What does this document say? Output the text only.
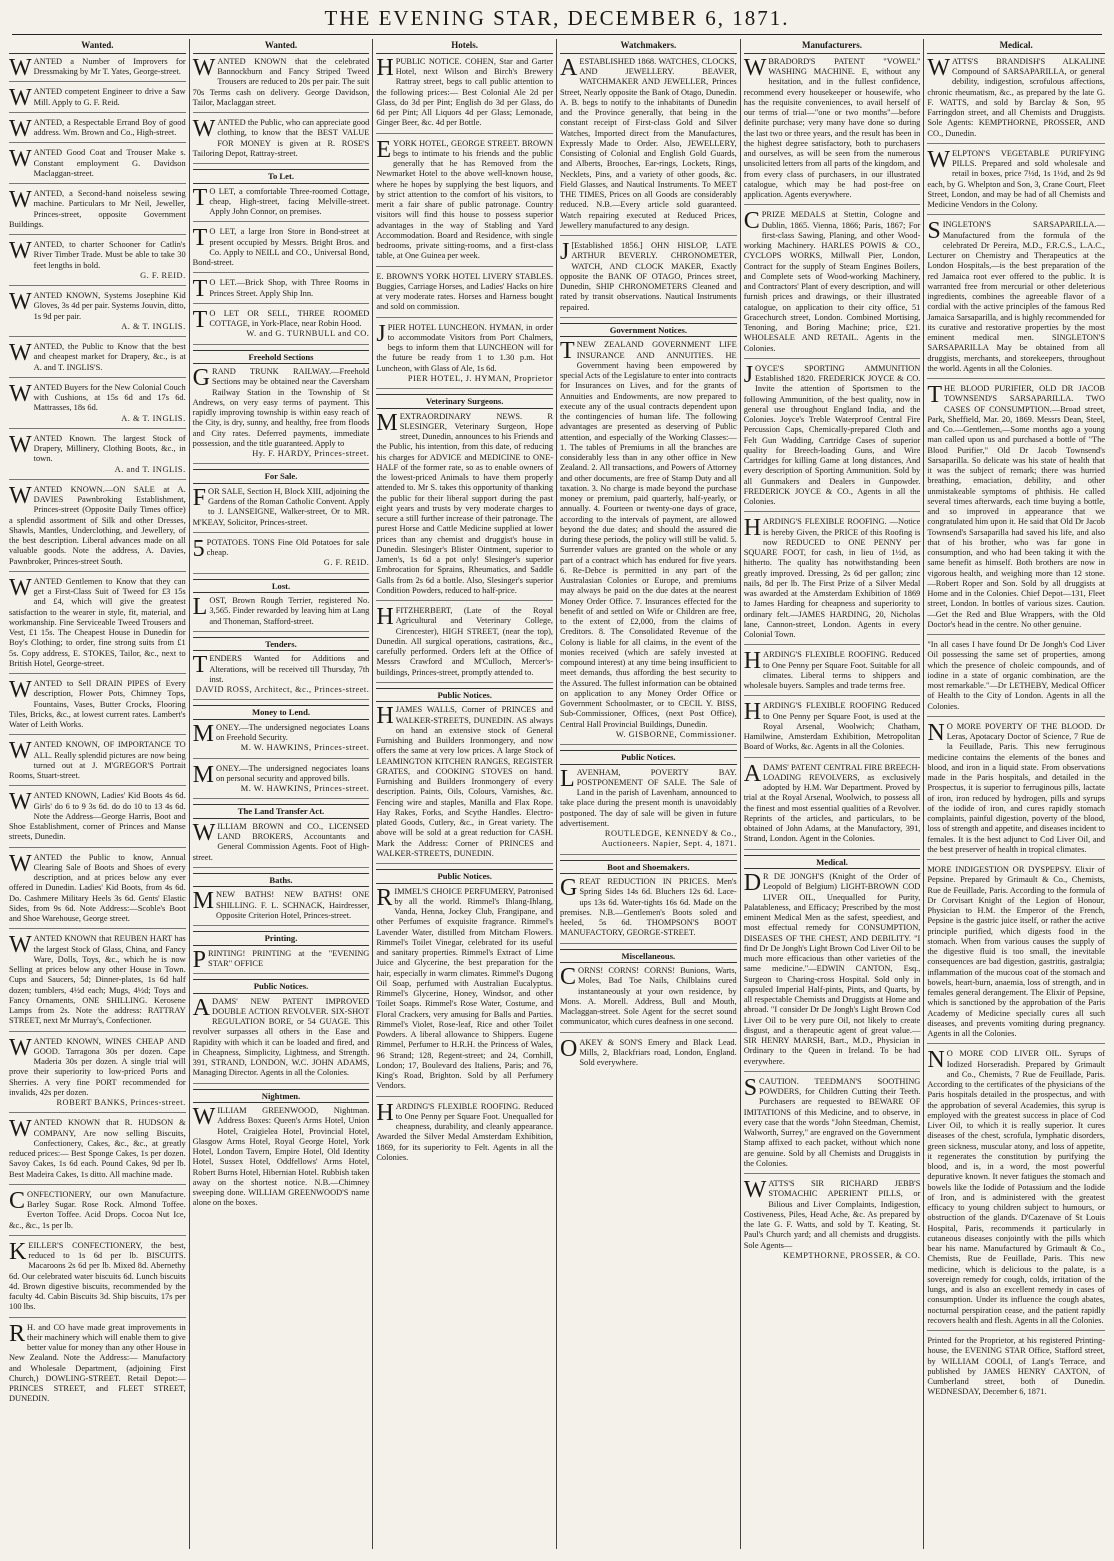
THE EVENING STAR, DECEMBER 6, 1871.
Wanted.
WANTED a Number of Improvers for Dressmaking by Mr T. Yates, George-street.
WANTED competent Engineer to drive a Saw Mill. Apply to G. F. Reid.
WANTED, a Respectable Errand Boy of good address. Wm. Brown and Co., High-street.
WANTED Good Coat and Trouser Make s. Constant employment G. Davidson Maclaggan-street.
WANTED, a Second-hand noiseless sewing machine. Particulars to Mr Neil, Jeweller, Princes-street, opposite Government Buildings.
WANTED, to charter Schooner for Catlin's River Timber Trade. Must be able to take 30 feet lengths in bold.
G. F. REID.
WANTED KNOWN, Systems Josephine Kid Gloves, 3s 4d per pair. Systems Jouvin, ditto, 1s 9d per pair.
A. & T. INGLIS.
WANTED, the Public to Know that the best and cheapest market for Drapery, &c., is at A. and T. INGLIS'S.
WANTED Buyers for the New Colonial Couch with Cushions, at 15s 6d and 17s 6d. Mattrasses, 18s 6d.
A. & T. INGLIS.
WANTED Known. The largest Stock of Drapery, Millinery, Clothing Boots, &c., in town.
A. and T. INGLIS.
WANTED KNOWN.—ON SALE at A. DAVIES Pawnbroking Establishment, Princes-street (Opposite Daily Times office) a splendid assortment of Silk and other Dresses, Shawls, Mantles, Underclothing, and Jewellery, of the best description. Liberal advances made on all valuable goods. Note the address, A. Davies, Pawnbroker, Princes-street South.
WANTED Gentlemen to Know that they can get a First-Class Suit of Tweed for £3 15s and £4, which will give the greatest satisfaction to the wearer in style, fit, material, and workmanship. Fine Serviceable Tweed Trousers and Vest, £1 15s. The Cheapest House in Dunedin for Boy's Clothing; to order, fine strong suits from £1 5s. Copy address, E. STOKES, Tailor, &c., next to British Hotel, George-street.
WANTED to Sell DRAIN PIPES of Every description, Flower Pots, Chimney Tops, Fountains, Vases, Butter Crocks, Flooring Tiles, Bricks, &c., at lowest current rates. Lambert's Water of Leith Works.
WANTED KNOWN, OF IMPORTANCE TO ALL. Really splendid pictures are now being turned out at J. M'GREGOR'S Portrait Rooms, Stuart-street.
WANTED KNOWN, Ladies' Kid Boots 4s 6d. Girls' do 6 to 9 3s 6d. do do 10 to 13 4s 6d. Note the Address—George Harris, Boot and Shoe Establishment, corner of Princes and Manse streets, Dunedin.
WANTED the Public to know, Annual Clearing Sale of Boots and Shoes of every description, and at prices below any ever offered in Dunedin. Ladies' Kid Boots, from 4s 6d. Do. Cashmere Military Heels 3s 6d. Gents' Elastic Sides, from 9s 6d. Note Address:—Scoble's Boot and Shoe Warehouse, George street.
WANTED KNOWN that REUBEN HART has the largest Stock of Glass, China, and Fancy Ware, Dolls, Toys, &c., which he is now Selling at prices below any other House in Town. Cups and Saucers, 5d; Dinner-plates, 1s 6d half dozen; tumblers, 4½d each; Mugs, 4½d; Toys and Fancy Ornaments, ONE SHILLING. Kerosene Lamps from 2s. Note the address: RATTRAY STREET, next Mr Murray's, Confectioner.
WANTED KNOWN, WINES CHEAP AND GOOD. Tarragona 30s per dozen. Cape Maderia 30s per dozen. A single trial will prove their superiority to low-priced Ports and Sherries. A very fine PORT recommended for invalids, 42s per dozen.
ROBERT BANKS, Princes-street.
WANTED KNOWN that R. HUDSON & COMPANY, Are now selling Biscuits, Confectionery, Cakes, &c., &c., at greatly reduced prices:— Best Sponge Cakes, 1s per dozen. Savoy Cakes, 1s 6d each. Pound Cakes, 9d per lb. Best Madeira Cakes, 1s ditto. All machine made.
CONFECTIONERY, our own Manufacture. Barley Sugar. Rose Rock. Almond Toffee. Everton Toffee. Acid Drops. Cocoa Nut Ice, &c., &c., 1s per lb.
KEILLER'S CONFECTIONERY, the best, reduced to 1s 6d per lb. BISCUITS. Macaroons 2s 6d per lb. Mixed 8d. Abernethy 6d. Our celebrated water biscuits 6d. Lunch biscuits 4d. Brown digestive biscuits, recommended by the faculty 4d. Cabin Biscuits 3d. Ship biscuits, 17s per 100 lbs.
R H. and CO have made great improvements in their machinery which will enable them to give better value for money than any other House in New Zealand. Note the Address:— Manufactory and Wholesale Department, (adjoining First Church,) DOWLING-STREET. Retail Depot:— PRINCES STREET, and FLEET STREET, DUNEDIN.
Wanted.
WANTED KNOWN that the celebrated Bannockburn and Fancy Striped Tweed Trousers are reduced to 20s per pair. The suit 70s Terms cash on delivery. George Davidson, Tailor, Maclaggan street.
WANTED the Public, who can appreciate good clothing, to know that the BEST VALUE FOR MONEY is given at R. ROSE'S Tailoring Depot, Rattray-street.
To Let.
T O LET, a comfortable Three-roomed Cottage, cheap, High-street, facing Melville-street. Apply John Connor, on premises.
T O LET, a large Iron Store in Bond-street at present occupied by Messrs. Bright Bros. and Co. Apply to NEILL and CO., Universal Bond, Bond-street.
T O LET.—Brick Shop, with Three Rooms in Princes Street. Apply Ship Inn.
T O LET OR SELL, THREE ROOMED COTTAGE, in York-Place, near Robin Hood.
W. and G. TURNBULL and CO.
Freehold Sections
GRAND TRUNK RAILWAY.—Freehold Sections may be obtained near the Caversham Railway Station in the Township of St Andrews, on very easy terms of payment. This rapidly improving township is within easy reach of the City, is dry, sunny, and healthy, free from floods and City rates. Deferred payments, immediate possession, and the title guaranteed. Apply to
Hy. F. HARDY, Princes-street.
For Sale.
FOR SALE, Section H, Block XIII, adjoining the Gardens of the Roman Catholic Convent. Apply to J. LANSEIGNE, Walker-street, Or to MR. M'KEAY, Solicitor, Princes-street.
5 POTATOES. TONS Fine Old Potatoes for sale cheap.
G. F. REID.
Lost.
LOST, Brown Rough Terrier, registered No. 3,565. Finder rewarded by leaving him at Lang and Thoneman, Stafford-street.
Tenders.
TENDERS Wanted for Additions and Alterations, will be received till Thursday, 7th inst.
DAVID ROSS, Architect, &c., Princes-street.
Money to Lend.
MONEY.—The undersigned negociates Loans on Freehold Security.
M. W. HAWKINS, Princes-street.
MONEY.—The undersigned negociates loans on personal security and approved bills.
M. W. HAWKINS, Princes-street.
The Land Transfer Act.
WILLIAM BROWN and CO., LICENSED LAND BROKERS, Accountants and General Commission Agents. Foot of High-street.
Baths.
MNEW BATHS! NEW BATHS! ONE SHILLING. F. L. SCHNACK, Hairdresser, Opposite Criterion Hotel, Princes-street.
Printing.
PRINTING! PRINTING at the "EVENING STAR" OFFICE
Public Notices.
ADAMS' NEW PATENT IMPROVED DOUBLE ACTION REVOLVER. SIX-SHOT REGULATION BORE, or 54 GUAGE. This revolver surpasses all others in the Ease and Rapidity with which it can be loaded and fired, and in Cheapness, Simplicity, Lightness, and Strength. 391, STRAND, LONDON, W.C. JOHN ADAMS, Managing Director. Agents in all the Colonies.
Nightmen.
WILLIAM GREENWOOD, Nightman. Address Boxes: Queen's Arms Hotel, Union Hotel, Craigielea Hotel, Provincial Hotel, Glasgow Arms Hotel, Royal George Hotel, York Hotel, London Tavern, Empire Hotel, Old Identity Hotel, Sussex Hotel, Oddfellows' Arms Hotel, Robert Burns Hotel, Hibernian Hotel. Rubbish taken away on the shortest notice. N.B.—Chimney sweeping done. WILLIAM GREENWOOD'S name alone on the boxes.
Hotels.
HPUBLIC NOTICE. COHEN, Star and Garter Hotel, next Wilson and Birch's Brewery Rattray street, begs to call public attention to the following prices:— Best Colonial Ale 2d per Glass, do 3d per Pint; English do 3d per Glass, do 6d per Pint; All Liquors 4d per Glass; Lemonade, Ginger Beer, &c. 4d per Bottle.
EYORK HOTEL, GEORGE STREET. BROWN begs to intimate to his friends and the public generally that he has Removed from the Newmarket Hotel to the above well-known house, where he hopes by supplying the best liquors, and by strict attention to the comfort of his visitors, to merit a fair share of public patronage. Country visitors will find this house to possess superior advantages in the way of Stabling and Yard Accommodation. Board and Residence, with single bedrooms, private sitting-rooms, and a first-class table, at One Guinea per week.
E. BROWN'S YORK HOTEL LIVERY STABLES. Buggies, Carriage Horses, and Ladies' Hacks on hire at very moderate rates. Horses and Harness bought and sold on commission.
JPIER HOTEL LUNCHEON. HYMAN, in order to accommodate Visitors from Port Chalmers, begs to inform them that LUNCHEON will for the future be ready from 1 to 1.30 p.m. Hot Luncheon, with Glass of Ale, 1s 6d.
PIER HOTEL, J. HYMAN, Proprietor
Veterinary Surgeons.
MEXTRAORDINARY NEWS. R SLESINGER, Veterinary Surgeon, Hope street, Dunedin, announces to his Friends and the Public, his intention, from this date, of reducing his charges for ADVICE and MEDICINE to ONE-HALF of the former rate, so as to enable owners of the lowest-priced Animals to have them properly attended to. Mr S. takes this opportunity of thanking the public for their liberal support during the past eight years and trusts by very moderate charges to secure a still further increase of their patronage. The purest Horse and Cattle Medicine supplied at lower prices than any chemist and druggist's house in Dunedin. Slesinger's Blister Ointment, superior to Jamen's, 1s 6d a pot only! Slesinger's superior Embrocation for Sprains, Rheumatics, and Saddle Galls from 2s 6d a bottle. Also, Slesinger's superior Condition Powders, reduced to half-price.
HFITZHERBERT, (Late of the Royal Agricultural and Veterinary College, Cirencester), HIGH STREET, (near the top), Dunedin. All surgical operations, castrations, &c., carefully performed. Orders left at the Office of Messrs Crawford and M'Culloch, Mercer's-buildings, Princes-street, promptly attended to.
Public Notices.
HJAMES WALLS, Corner of PRINCES and WALKER-STREETS, DUNEDIN. AS always on hand an extensive stock of General Furnishing and Builders Ironmongery, and now offers the same at very low prices. A large Stock of LEAMINGTON KITCHEN RANGES, REGISTER GRATES, and COOKING STOVES on hand. Furnishing and Builders Ironmongery of every description. Paints, Oils, Colours, Varnishes, &c. Fencing wire and staples, Manilla and Flax Rope. Hay Rakes, Forks, and Scythe Handles. Electro-plated Goods, Cutlery, &c., in Great variety. The above will be sold at a great reduction for CASH. Mark the Address: Corner of PRINCES and WALKER-STREETS, DUNEDIN.
Public Notices.
RIMMEL'S CHOICE PERFUMERY, Patronised by all the world. Rimmel's Ihlang-Ihlang, Vanda, Henna, Jockey Club, Frangipane, and other Perfumes of exquisite fragrance. Rimmel's Lavender Water, distilled from Mitcham Flowers. Rimmel's Toilet Vinegar, celebrated for its useful and sanitary properties. Rimmel's Extract of Lime Juice and Glycerine, the best preparation for the hair, especially in warm climates. Rimmel's Dugong Oil Soap, perfumed with Australian Eucalyptus. Rimmel's Glycerine, Honey, Windsor, and other Toilet Soaps. Rimmel's Rose Water, Costume, and Floral Crackers, very amusing for Balls and Parties. Rimmel's Violet, Rose-leaf, Rice and other Toilet Powders. A liberal allowance to Shippers. Eugene Rimmel, Perfumer to H.R.H. the Princess of Wales, 96 Strand; 128, Regent-street; and 24, Cornhill, London; 17, Boulevard des Italiens, Paris; and 76, King's Road, Brighton. Sold by all Perfumery Vendors.
HARDING'S FLEXIBLE ROOFING. Reduced to One Penny per Square Foot. Unequalled for cheapness, durability, and cleanly appearance. Awarded the Silver Medal Amsterdam Exhibition, 1869, for its superiority to Felt. Agents in all the Colonies.
Watchmakers.
AESTABLISHED 1868. WATCHES, CLOCKS, AND JEWELLERY. BEAVER, WATCHMAKER AND JEWELLER, Princes Street, Nearly opposite the Bank of Otago, Dunedin. A. B. begs to notify to the inhabitants of Dunedin and the Province generally, that being in the constant receipt of First-class Gold and Silver Watches, Imported direct from the Manufactures, Expressly Made to Order. Also, JEWELLERY, Consisting of Colonial and English Gold Guards, and Alberts, Brooches, Ear-rings, Lockets, Rings, Necklets, Pins, and a variety of other goods, &c. Field Glasses, and Nautical Instruments. To MEET THE TIMES, Prices on all Goods are considerably reduced. N.B.—Every article sold guaranteed. Watch repairing executed at Reduced Prices, Jewellery manufactured to any design.
J [Established 1856.] OHN HISLOP, LATE ARTHUR BEVERLY. CHRONOMETER, WATCH, AND CLOCK MAKER, Exactly opposite the BANK OF OTAGO, Princes street, Dunedin, SHIP CHRONOMETERS Cleaned and rated by transit observations. Nautical Instruments repaired.
Government Notices.
TNEW ZEALAND GOVERNMENT LIFE INSURANCE AND ANNUITIES. HE Government having been empowered by special Acts of the Legislature to enter into contracts for Insurances on Lives, and for the grants of Annuities and Endowments, are now prepared to execute any of the usual contracts dependent upon the contingencies of human life. The following advantages are presented as deserving of Public attention, and especially of the Working Classes:— 1. The tables of Premiums in all the branches are considerably less than in any other office in New Zealand. 2. All transactions, and Powers of Attorney and other documents, are free of Stamp Duty and all taxation. 3. No charge is made beyond the purchase money or premium, paid quarterly, half-yearly, or annually. 4. Fourteen or twenty-one days of grace, according to the intervals of payment, are allowed beyond the due dates; and should the assured die during these periods, the policy will still be valid. 5. Surrender values are granted on the whole or any part of a contract which has endured for five years. 6. Re-Debce is permitted in any part of the Australasian Colonies or Europe, and premiums may always be paid on the due dates at the nearest Money Order Office. 7. Insurances effected for the benefit of and settled on Wife or Children are free, to the extent of £2,000, from the claims of Creditors. 8. The Consolidated Revenue of the Colony is liable for all claims, in the event of the monies received (which are safely invested at compound interest) at any time being insufficient to meet demands, thus affording the best security to the Assured. The fullest information can be obtained on application to any Money Order Office or Government Schoolmaster, or to CECIL Y. BISS, Sub-Commissioner, Offices, (next Post Office), Central Hall Provincial Buildings, Dunedin.
W. GISBORNE, Commissioner.
Public Notices.
LAVENHAM, POVERTY BAY. POSTPONEMENT OF SALE. The Sale of Land in the parish of Lavenham, announced to take place during the present month is unavoidably postponed. The day of sale will be given in future advertisement.
ROUTLEDGE, KENNEDY & Co., Auctioneers. Napier, Sept. 4, 1871.
Boot and Shoemakers.
GREAT REDUCTION IN PRICES. Men's Spring Sides 14s 6d. Bluchers 12s 6d. Lace-ups 13s 6d. Water-tights 16s 6d. Made on the premises. N.B.—Gentlemen's Boots soled and heeled, 5s 6d. THOMPSON'S BOOT MANUFACTORY, GEORGE-STREET.
Miscellaneous.
CORNS! CORNS! CORNS! Bunions, Warts, Moles, Bad Toe Nails, Chilblains cured instantaneously at your own residence, by Mons. A. Morell. Address, Bull and Mouth, Maclaggan-street. Sole Agent for the secret sound communicator, which cures deafness in one second.
OAKEY & SON'S Emery and Black Lead. Mills, 2, Blackfriars road, London, England. Sold everywhere.
Manufacturers.
WBRADORD'S PATENT "VOWEL" WASHING MACHINE. E, without any hesitation, and in the fullest confidence, recommend every housekeeper or housewife, who has the requisite conveniences, to avail herself of our terms of trial—"one or two months"—before definite purchase; very many have done so during the last two or three years, and the result has been in the highest degree satisfactory, both to purchasers and ourselves, as will be seen from the numerous unsolicited letters from all parts of the kingdom, and from every class of purchasers, in our illustrated catalogue, which may be had post-free on application. Agents everywhere.
CPRIZE MEDALS at Stettin, Cologne and Dublin, 1865. Vienna, 1866; Paris, 1867; For first-class Sawing, Planing, and other Wood-working Machinery. HARLES POWIS & CO., CYCLOPS WORKS, Millwall Pier, London, Contract for the supply of Steam Engines Boilers, and Complete sets of Wood-working Machinery, and Contractors' Plant of every description, and will furnish prices and drawings, or their illustrated catalogue, on application to their city office, 51 Gracechurch street, London. Combined Mortising, Tenoning, and Boring Machine; price, £21. WHOLESALE AND RETAIL. Agents in the Colonies.
JOYCE'S SPORTING AMMUNITION Established 1820. FREDERICK JOYCE & CO. Invite the attention of Sportsmen to the following Ammunition, of the best quality, now in general use throughout England India, and the Colonies. Joyce's Treble Waterproof Central Fire Percussion Caps, Chemically-prepared Cloth and Felt Gun Wadding, Cartridge Cases of superior quality for Breech-loading Guns, and Wire Cartridges for killing Game at long distances, And every description of Sporting Ammunition. Sold by all Gunmakers and Dealers in Gunpowder. FREDERICK JOYCE & CO., Agents in all the Colonies.
HARDING'S FLEXIBLE ROOFING. —Notice is hereby Given, the PRICE of this Roofing is now REDUCED to ONE PENNY per SQUARE FOOT, for cash, in lieu of 1½d, as hitherto. The quality has notwithstanding been greatly improved. Dressing, 2s 6d per gallon; zinc nails, 8d per lb. The First Prize of a Silver Medal was awarded at the Amsterdam Exhibition of 1869 to James Harding for cheapness and superiority to ordinary felt.—JAMES HARDING, 20, Nicholas lane, Cannon-street, London. Agents in every Colonial Town.
HARDING'S FLEXIBLE ROOFING. Reduced to One Penny per Square Foot. Suitable for all climates. Liberal terms to shippers and wholesale buyers. Samples and trade terms free.
HARDING'S FLEXIBLE ROOFING Reduced to One Penny per Square Foot, is used at the Royal Arsenal, Woolwich; Chatham, Hamilwine, Amsterdam Exhibition, Metropolitan Board of Works, &c. Agents in all the Colonies.
ADAMS' PATENT CENTRAL FIRE BREECH-LOADING REVOLVERS, as exclusively adopted by H.M. War Department. Proved by trial at the Royal Arsenal, Woolwich, to possess all the finest and most essential qualities of a Revolver. Reprints of the articles, and particulars, to be obtained of John Adams, at the Manufactory, 391, Strand, London. Agent in the Colonies.
Medical.
D R DE JONGH'S (Knight of the Order of Leopold of Belgium) LIGHT-BROWN COD LIVER OIL, Unequalled for Purity, Palatableness, and Efficacy; Prescribed by the most eminent Medical Men as the safest, speediest, and most effectual remedy for CONSUMPTION, DISEASES OF THE CHEST, AND DEBILITY. "I find Dr De Jongh's Light Brown Cod Liver Oil to be much more efficacious than other varieties of the same medicine."—EDWIN CANTON, Esq., Surgeon to Charing-cross Hospital. Sold only in capsuled Imperial Half-pints, Pints, and Quarts, by all respectable Chemists and Druggists at Home and abroad. "I consider Dr De Jongh's Light Brown Cod Liver Oil to be very pure Oil, not likely to create disgust, and a therapeutic agent of great value.—SIR HENRY MARSH, Bart., M.D., Physician in Ordinary to the Queen in Ireland. To be had everywhere.
SCAUTION. TEEDMAN'S SOOTHING POWDERS, for Children Cutting their Teeth. Purchasers are requested to BEWARE OF IMITATIONS of this Medicine, and to observe, in every case that the words "John Steedman, Chemist, Walworth, Surrey," are engraved on the Government Stamp affixed to each packet, without which none are genuine. Sold by all Chemists and Druggists in the Colonies.
WATTS'S SIR RICHARD JEBB'S STOMACHIC APERIENT PILLS, or Bilious and Liver Complaints, Indigestion, Costiveness, Piles, Head Ache, &c. As prepared by the late G. F. Watts, and sold by T. Keating, St. Paul's Church yard; and all chemists and druggists. Sole Agents—
KEMPTHORNE, PROSSER, & CO.
Medical.
WATTS'S BRANDISH'S ALKALINE Compound of SARSAPARILLA, or general debility, indigestion, scrofulous affections, chronic rheumatism, &c., as prepared by the late G. F. WATTS, and sold by Barclay & Son, 95 Farringdon street, and all Chemists and Druggists. Sole Agents: KEMPTHORNE, PROSSER, AND CO., Dunedin.
WELPTON'S VEGETABLE PURIFYING PILLS. Prepared and sold wholesale and retail in boxes, price 7½d, 1s 1½d, and 2s 9d each, by G. Whelpton and Son, 3, Crane Court, Fleet Street, London, and may be had of all Chemists and Medicine Vendors in the Colony.
SINGLETON'S SARSAPARILLA.—Manufactured from the formula of the celebrated Dr Pereira, M.D., F.R.C.S., L.A.C., Lecturer on Chemistry and Therapeutics at the London Hospitals,—is the best preparation of the red Jamaica root ever offered to the public. It is warranted free from mercurial or other deleterious ingredients, combines the agreeable flavor of a cordial with the active principles of the famous Red Jamaica Sarsaparilla, and is highly recommended for its curative and restorative properties by the most eminent medical men. SINGLETON'S SARSAPARILLA May be obtained from all druggists, merchants, and storekeepers, throughout the world. Agents in all the Colonies.
THE BLOOD PURIFIER, OLD DR JACOB TOWNSEND'S SARSAPARILLA. TWO CASES OF CONSUMPTION.—Broad street, Park, Sheffield, Mar. 20, 1869. Messrs Dean, Steel, and Co.—Gentlemen,—Some months ago a young man called upon us and purchased a bottle of "The Blood Purifier," Old Dr Jacob Townsend's Sarsaparilla. So delicate was his state of health that it was the subject of remark; there was hurried breathing, emaciation, debility, and other unmistakeable symptoms of phthisis. He called several times afterwards, each time buying a bottle, and so improved in appearance that we congratulated him upon it. He said that Old Dr Jacob Townsend's Sarsaparilla had saved his life, and also that of his brother, who was far gone in consumption, and who had been taking it with the same benefit as himself. Both brothers are now in vigorous health, and weighing more than 12 stone.—Robert Roper and Son. Sold by all druggists at Home and in the Colonies. Chief Depot—131, Fleet street, London. In bottles of various sizes. Caution.—Get the Red and Blue Wrappers, with the Old Doctor's head in the centre. No other genuine.
"In all cases I have found Dr De Jongh's Cod Liver Oil possessing the same set of properties, among which the presence of choleic compounds, and of iodine in a state of organic combination, are the most remarkable."—Dr LETHEBY, Medical Officer of Health to the City of London. Agents in all the Colonies.
N O MORE POVERTY OF THE BLOOD. Dr Leras, Apotacary Doctor of Science, 7 Rue de la Feuillade, Paris. This new ferruginous medicine contains the elements of the bones and blood, and iron in a liquid state. From observations made in the Paris hospitals, and detailed in the Prospectus, it is superior to ferruginous pills, lactate of iron, iron reduced by hydrogen, pills and syrups of the iodide of iron, and cures rapidly stomach complaints, painful digestion, poverty of the blood, loss of strength and appetite, and diseases incident to females. It is the best adjunct to Cod Liver Oil, and the best preserver of health in tropical climates.
MORE INDIGESTION OR DYSPEPSY. Elixir of Pepsine. Prepared by Grimault & Co., Chemists, Rue de Feuillade, Paris. According to the formula of Dr Corvisart Knight of the Legion of Honour, Physician to H.M. the Emperor of the French, Pepsine is the gastric juice itself, or rather the active principle purified, which digests food in the stomach. When from various causes the supply of the digestive fluid is too small, the inevitable consequences are bad digestion, gastritis, gastralgia; inflammation of the mucous coat of the stomach and bowels, heart-burn, anaemia, loss of strength, and in females general derangement. The Elixir of Pepsine, which is sanctioned by the approbation of the Paris Academy of Medicine specially cures all such diseases, and prevents vomiting during pregnancy. Agents in all the Colonies.
N O MORE COD LIVER OIL. Syrups of Iodized Horseradish. Prepared by Grimault and Co., Chemists, 7 Rue de Feuillade, Paris. According to the certificates of the physicians of the Paris hospitals detailed in the prospectus, and with the approbation of several Academies, this syrup is employed with the greatest success in place of Cod Liver Oil, to which it is really superior. It cures diseases of the chest, scrofula, lymphatic disorders, green sickness, muscular atony, and loss of appetite, it regenerates the constitution by purifying the blood, and is, in a word, the most powerful depurative known. It never fatigues the stomach and bowels like the Iodide of Potassium and the Iodide of Iron, and is administered with the greatest efficacy to young children subject to humours, or obstruction of the glands. D'Cazenave of St Louis Hospital, Paris, recommends it particularly in cutaneous diseases conjointly with the pills which bear his name. Manufactured by Grimault & Co., Chemists, Rue de Feuillade, Paris. This new medicine, which is delicious to the palate, is a sovereign remedy for cough, colds, irritation of the lungs, and is also an excellent remedy in cases of consumption. Under its influence the cough abates, nocturnal perspiration cease, and the patient rapidly recovers health and flesh. Agents in all the Colonies.
Printed for the Proprietor, at his registered Printing-house, the EVENING STAR Office, Stafford street, by WILLIAM COOLI, of Lang's Terrace, and published by JAMES HENRY CAXTON, of Cumberland street, both of Dunedin. WEDNESDAY, December 6, 1871.
